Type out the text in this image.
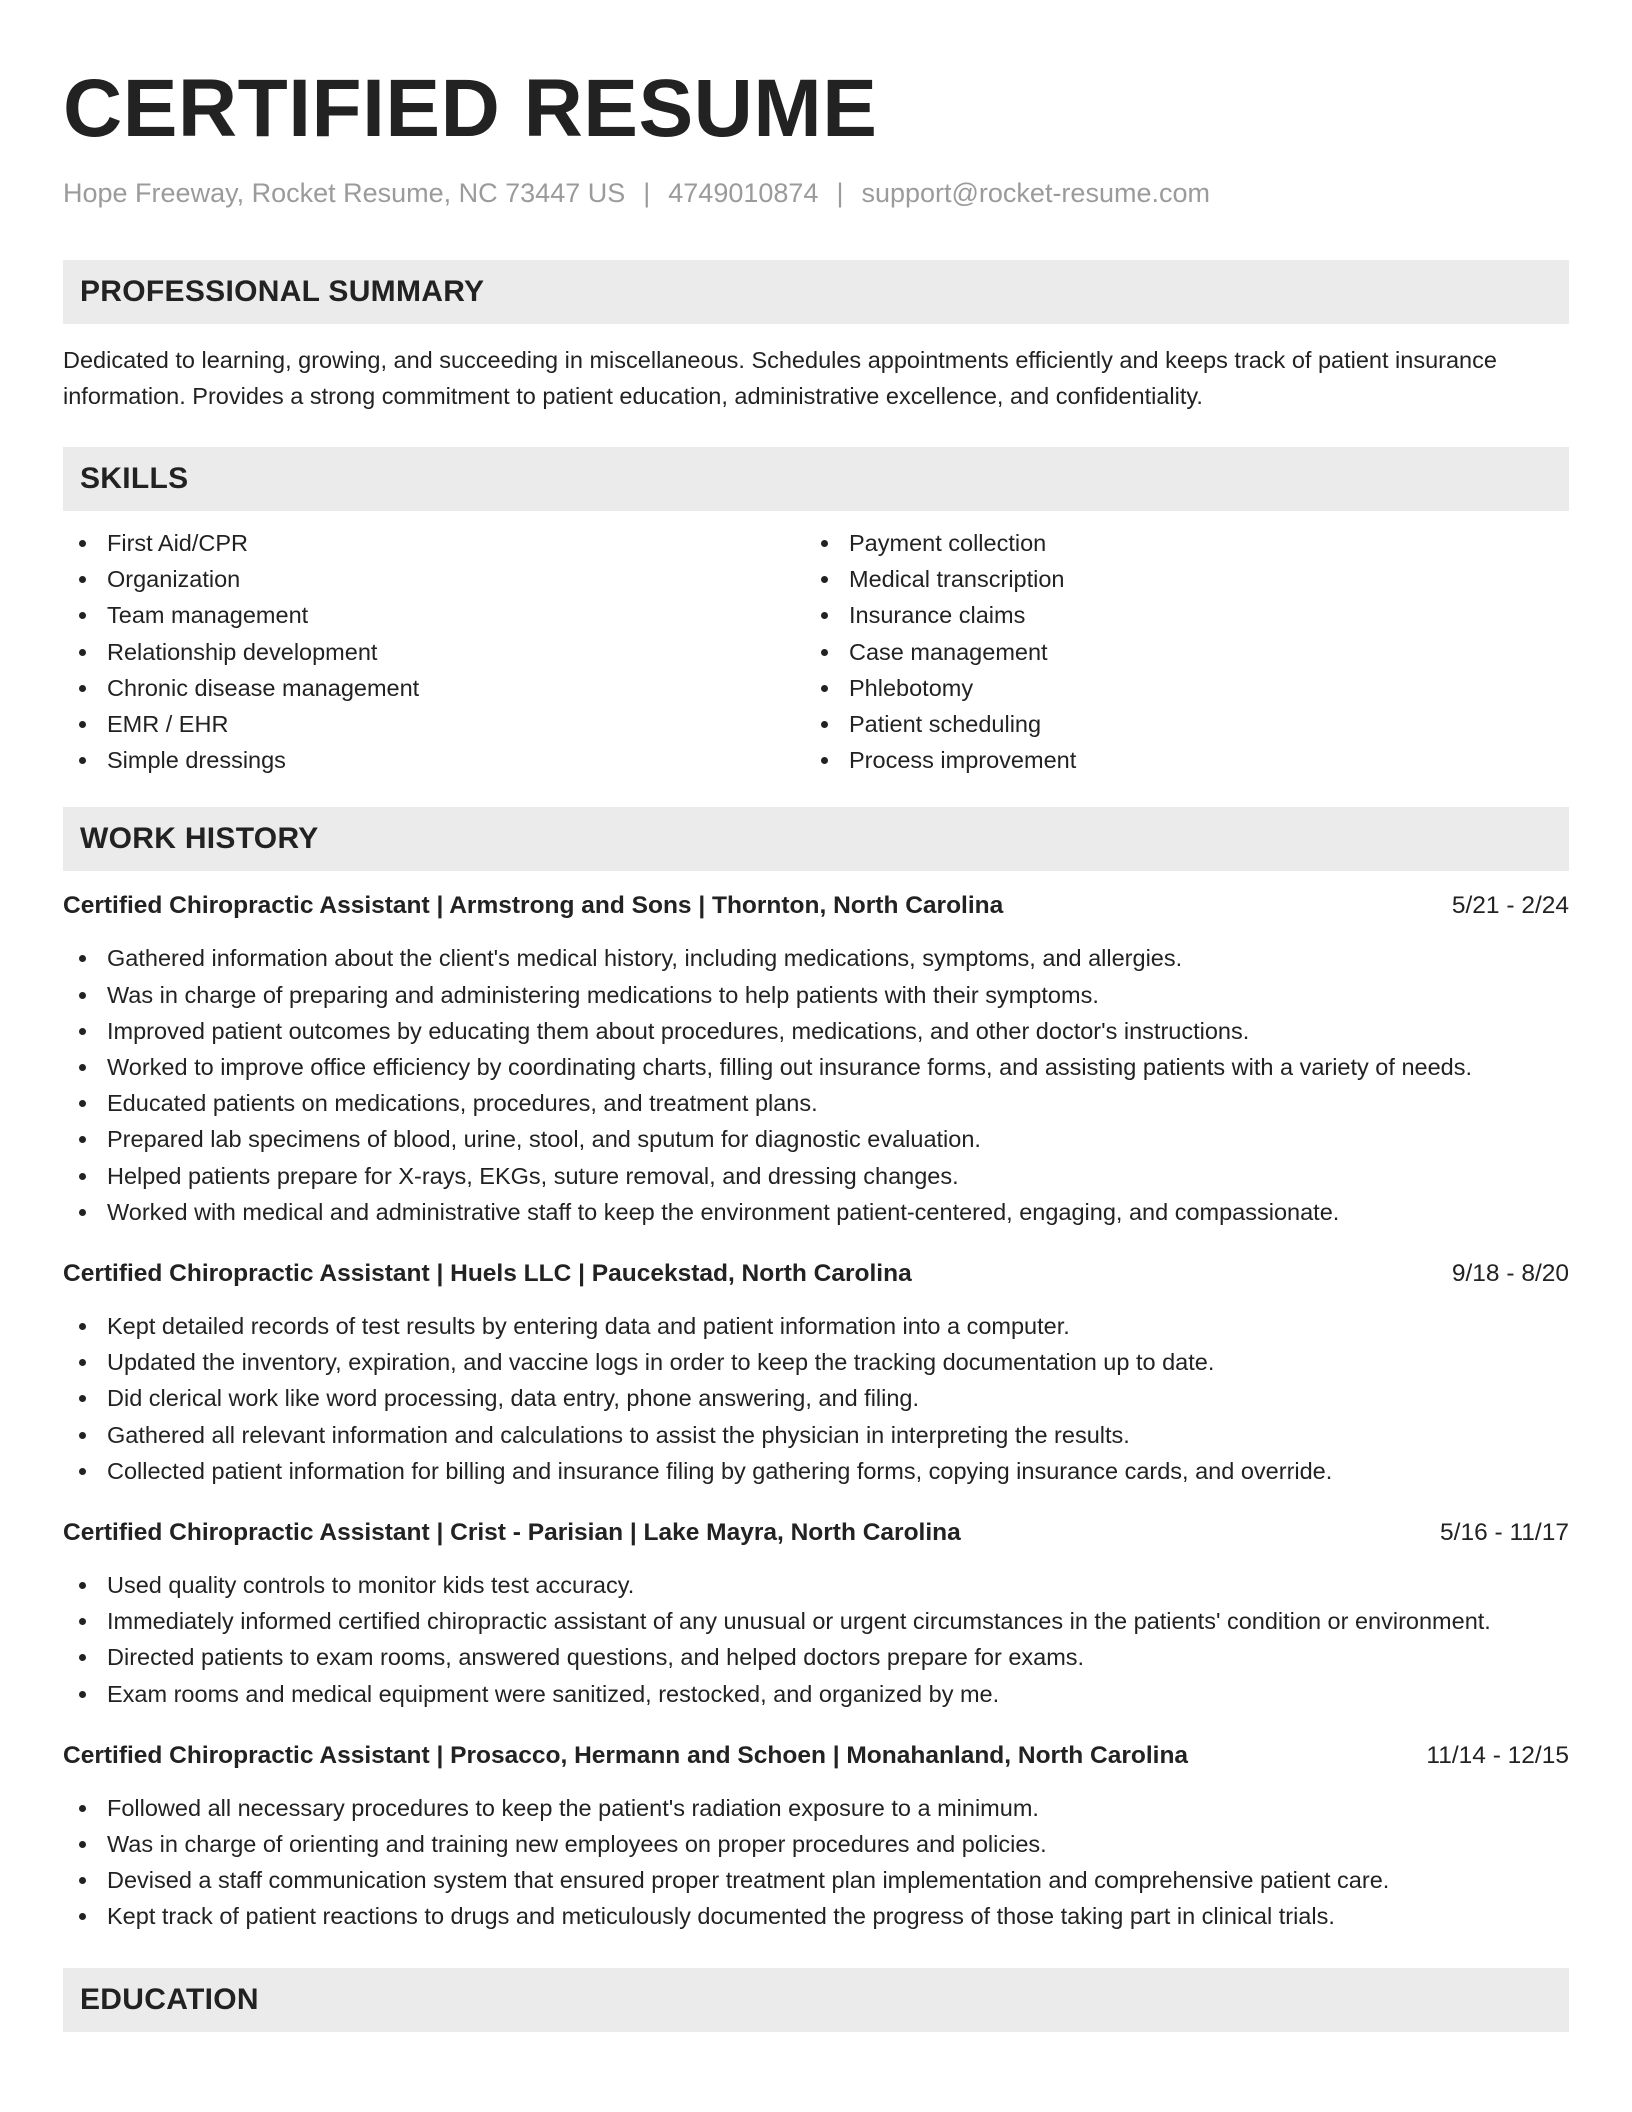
CERTIFIED RESUME
Hope Freeway, Rocket Resume, NC 73447 US | 4749010874 | support@rocket-resume.com
PROFESSIONAL SUMMARY

Dedicated to learning, growing, and succeeding in miscellaneous. Schedules appointments efficiently and keeps track of patient insurance information. Provides a strong commitment to patient education, administrative excellence, and confidentiality.

SKILLS
First Aid/CPR
Organization
Team management
Relationship development
Chronic disease management
EMR / EHR
Simple dressings
Payment collection
Medical transcription
Insurance claims
Case management
Phlebotomy
Patient scheduling
Process improvement
WORK HISTORY
Certified Chiropractic Assistant | Armstrong and Sons | Thornton, North Carolina	5/21 - 2/24
Gathered information about the client's medical history, including medications, symptoms, and allergies.
Was in charge of preparing and administering medications to help patients with their symptoms.
Improved patient outcomes by educating them about procedures, medications, and other doctor's instructions.
Worked to improve office efficiency by coordinating charts, filling out insurance forms, and assisting patients with a variety of needs.
Educated patients on medications, procedures, and treatment plans.
Prepared lab specimens of blood, urine, stool, and sputum for diagnostic evaluation.
Helped patients prepare for X-rays, EKGs, suture removal, and dressing changes.
Worked with medical and administrative staff to keep the environment patient-centered, engaging, and compassionate.
Certified Chiropractic Assistant | Huels LLC | Paucekstad, North Carolina	9/18 - 8/20
Kept detailed records of test results by entering data and patient information into a computer.
Updated the inventory, expiration, and vaccine logs in order to keep the tracking documentation up to date.
Did clerical work like word processing, data entry, phone answering, and filing.
Gathered all relevant information and calculations to assist the physician in interpreting the results.
Collected patient information for billing and insurance filing by gathering forms, copying insurance cards, and override.
Certified Chiropractic Assistant | Crist - Parisian | Lake Mayra, North Carolina	5/16 - 11/17
Used quality controls to monitor kids test accuracy.
Immediately informed certified chiropractic assistant of any unusual or urgent circumstances in the patients' condition or environment.
Directed patients to exam rooms, answered questions, and helped doctors prepare for exams.
Exam rooms and medical equipment were sanitized, restocked, and organized by me.
Certified Chiropractic Assistant | Prosacco, Hermann and Schoen | Monahanland, North Carolina	11/14 - 12/15
Followed all necessary procedures to keep the patient's radiation exposure to a minimum.
Was in charge of orienting and training new employees on proper procedures and policies.
Devised a staff communication system that ensured proper treatment plan implementation and comprehensive patient care.
Kept track of patient reactions to drugs and meticulously documented the progress of those taking part in clinical trials.
EDUCATION
